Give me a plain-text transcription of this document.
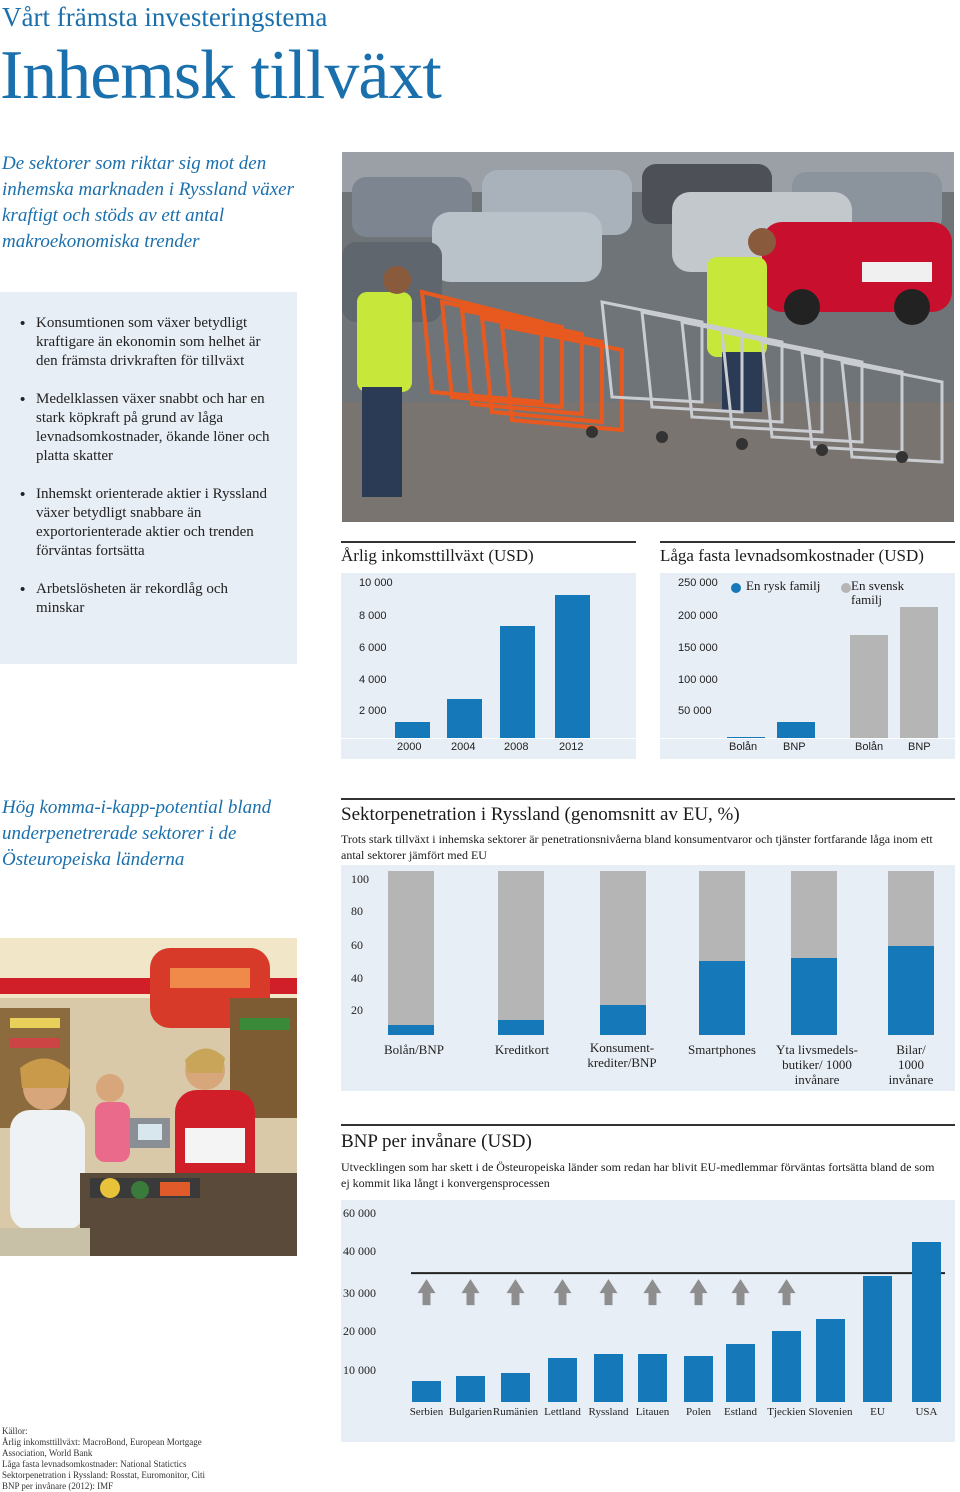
Vårt främsta investeringstema
Inhemsk tillväxt
De sektorer som riktar sig mot den inhemska marknaden i Ryssland växer kraftigt och stöds av ett antal makroekonomiska trender
• Konsumtionen som växer betydligt kraftigare än ekonomin som helhet är den främsta drivkraften för tillväxt
• Medelklassen växer snabbt och har en stark köpkraft på grund av låga levnadsomkostnader, ökande löner och platta skatter
• Inhemskt orienterade aktier i Ryssland växer betydligt snabbare än exportorienterade aktier och trenden förväntas fortsätta
• Arbetslösheten är rekordlåg och minskar
Årlig inkomsttillväxt (USD)
10 000
8 000
6 000
4 000
2 000
2000	2004	2008	2012
Låga fasta levnadsomkostnader (USD)
250 000
200 000
150 000
100 000
50 000
En rysk familj	En svensk familj
Bolån BNP	Bolån BNP
Hög komma-i-kapp-potential bland underpenetrerade sektorer i de Östeuropeiska länderna
Sektorpenetration i Ryssland (genomsnitt av EU, %)
Trots stark tillväxt i inhemska sektorer är penetrationsnivåerna bland konsumentvaror och tjänster fortfarande låga inom ett antal sektorer jämfört med EU
100
80
60
40
20
Bolån/BNP	Kreditkort	Konsument-
krediter/BNP
Smartphones	Yta livsmedels-
butiker/ 1000
invånare
Bilar/
1000
invånare
BNP per invånare (USD)
Utvecklingen som har skett i de Östeuropeiska länder som redan har blivit EU-medlemmar förväntas fortsätta bland de som ej kommit lika långt i konvergensprocessen
60 000
40 000
30 000
20 000
10 000
Serbien Bulgarien Rumänien Lettland Ryssland Litauen	Polen	Estland Tjeckien Slovenien	EU	USA
Källor:
Årlig inkomsttillväxt: MacroBond, European Mortgage Association, World Bank
Låga fasta levnadsomkostnader: National Statictics
Sektorpenetration i Ryssland: Rosstat, Euromonitor, Citi
BNP per invånare (2012): IMF
